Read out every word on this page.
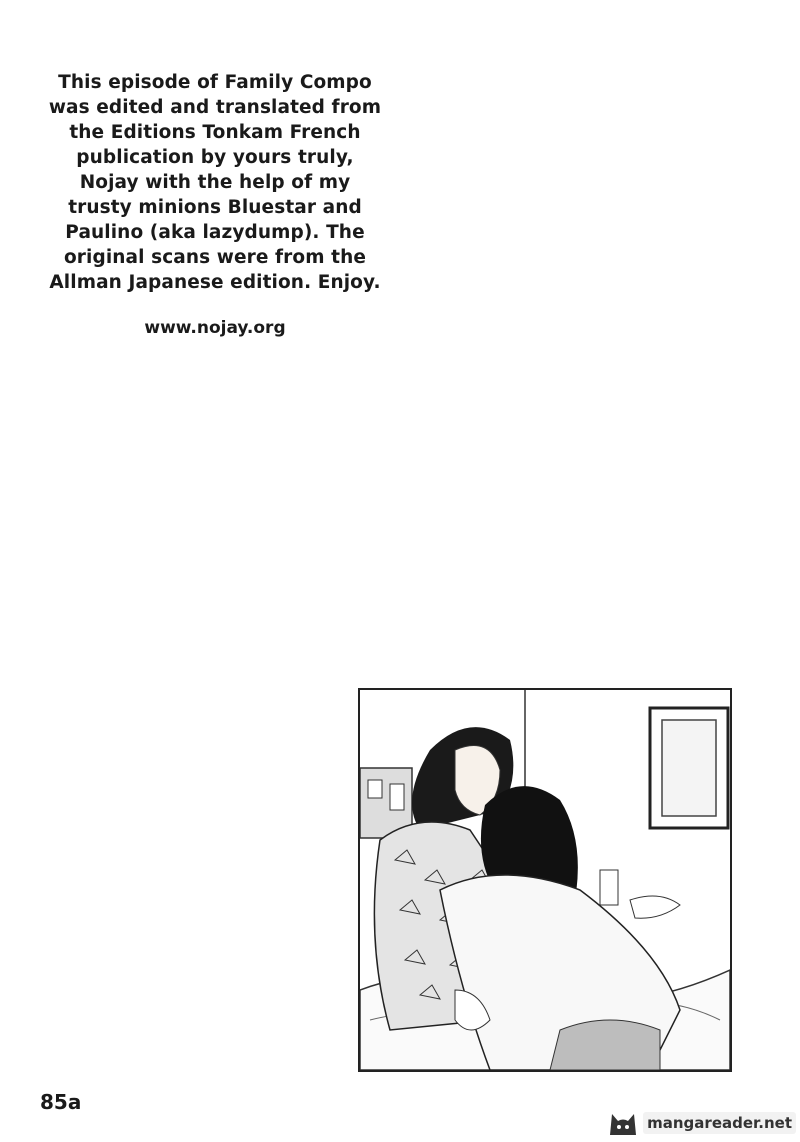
This episode of Family Compo
was edited and translated from
the Editions Tonkam French
publication by yours truly,
Nojay with the help of my
trusty minions Bluestar and
Paulino (aka lazydump). The
original scans were from the
Allman Japanese edition. Enjoy.
www.nojay.org
85a
mangareader.net
